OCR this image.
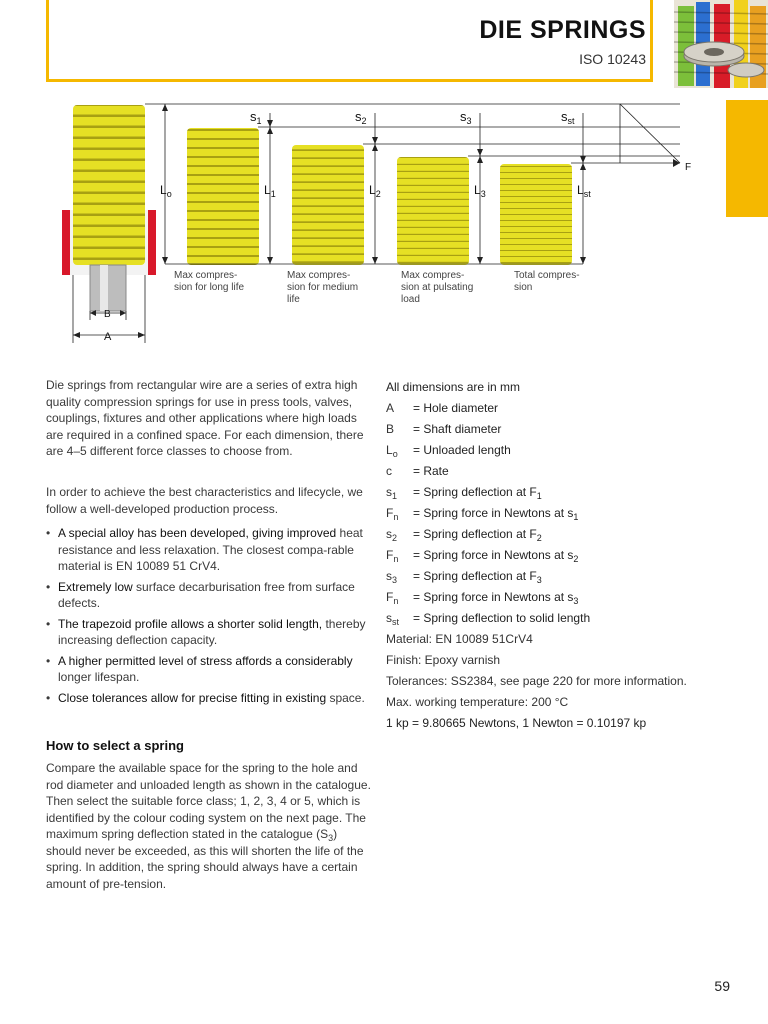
DIE SPRINGS
ISO 10243
$s_1$	$s_2$	$s_3$	$s_{st}$
F
$L_o$	$L_1$	$L_2$	$L_3$	$L_{st}$
B
A
Max compres-
sion for long life
Max compres-
sion for medium
life
Max compres-
sion at pulsating
load
Total compres-
sion
Die springs from rectangular wire are a series of extra high quality compression springs for use in press tools, valves, couplings, fixtures and other applications where high loads are required in a confined space. For each dimension, there are 4–5 different force classes to choose from.
In order to achieve the best characteristics and lifecycle, we follow a well-developed production process.
• A special alloy has been developed, giving improved heat resistance and less relaxation. The closest compa-rable material is EN 10089 51 CrV4.
• Extremely low surface decarburisation free from surface defects.
• The trapezoid profile allows a shorter solid length, thereby increasing deflection capacity.
• A higher permitted level of stress affords a considerably longer lifespan.
• Close tolerances allow for precise fitting in existing space.
How to select a spring
Compare the available space for the spring to the hole and rod diameter and unloaded length as shown in the catalogue. Then select the suitable force class; 1, 2, 3, 4 or 5, which is identified by the colour coding system on the next page. The maximum spring deflection stated in the catalogue $(S_3)$ should never be exceeded, as this will shorten the life of the spring. In addition, the spring should always have a certain amount of pre-tension.
All dimensions are in mm
A = Hole diameter
B = Shaft diameter
$L_o$ = Unloaded length
c = Rate
$s_1$ = Spring deflection at $F_1$
$F_n$ = Spring force in Newtons at $s_1$
$s_2$ = Spring deflection at $F_2$
$F_n$ = Spring force in Newtons at $s_2$
$s_3$ = Spring deflection at $F_3$
$F_n$ = Spring force in Newtons at $s_3$
$s_{st}$ = Spring deflection to solid length
Material: EN 10089 51CrV4
Finish: Epoxy varnish
Tolerances: SS2384, see page 220 for more information.
Max. working temperature: 200 °C
1 kp = 9.80665 Newtons, 1 Newton = 0.10197 kp
59
